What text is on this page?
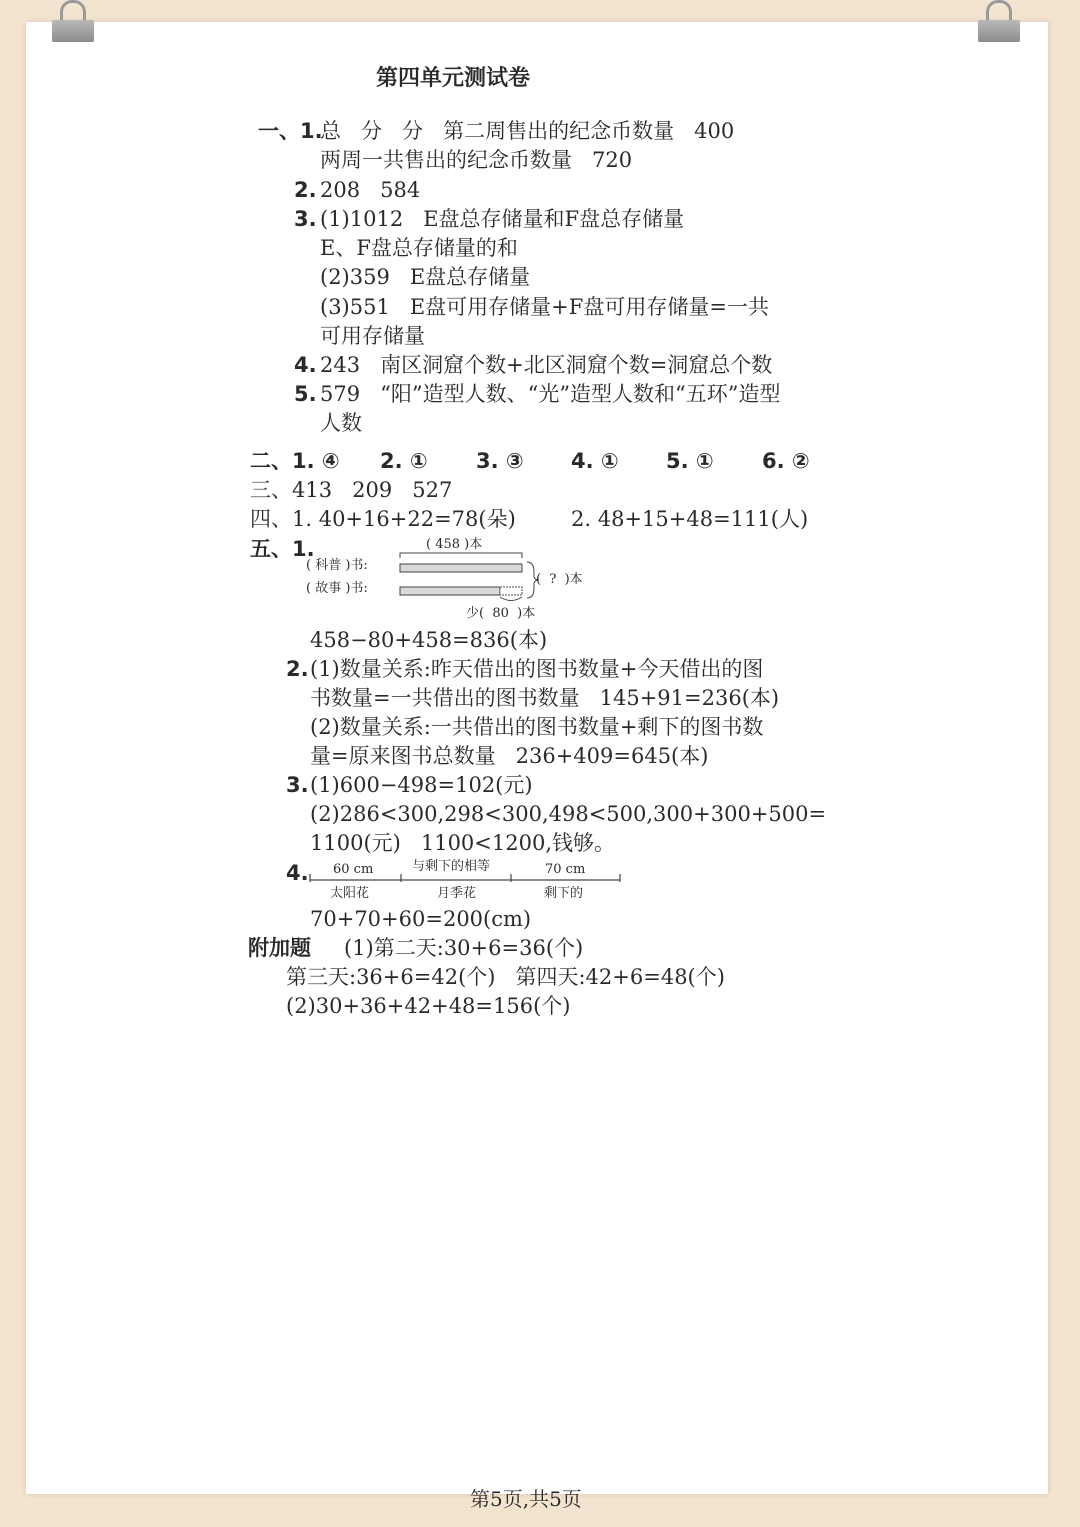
第四单元测试卷
一、1.
总   分   分   第二周售出的纪念币数量   400
两周一共售出的纪念币数量   720
2. 208   584
3. (1)1012   E盘总存储量和F盘总存储量
E、F盘总存储量的和
(2)359   E盘总存储量
(3)551   E盘可用存储量+F盘可用存储量=一共
可用存储量
4. 243   南区洞窟个数+北区洞窟个数=洞窟总个数
5. 579   “阳”造型人数、“光”造型人数和“五环”造型
人数
二、1. ④ 2. ① 3. ③ 4. ① 5. ① 6. ②
三、413   209   527
四、1. 40+16+22=78(朵)	2. 48+15+48=111(人)
五、1.	( 458 )本
( 科普 )书:
( 故事 )书:
(  ?  )本
少(  80  )本
458−80+458=836(本)
2. (1)数量关系:昨天借出的图书数量+今天借出的图
书数量=一共借出的图书数量   145+91=236(本)
(2)数量关系:一共借出的图书数量+剩下的图书数
量=原来图书总数量   236+409=645(本)
3. (1)600−498=102(元)
(2)286<300,298<300,498<500,300+300+500=
1100(元)   1100<1200,钱够。
4. 60 cm	与剩下的相等	70 cm
太阳花	月季花	剩下的
70+70+60=200(cm)
附加题 (1)第二天:30+6=36(个)
第三天:36+6=42(个)   第四天:42+6=48(个)
(2)30+36+42+48=156(个)
第5页,共5页
